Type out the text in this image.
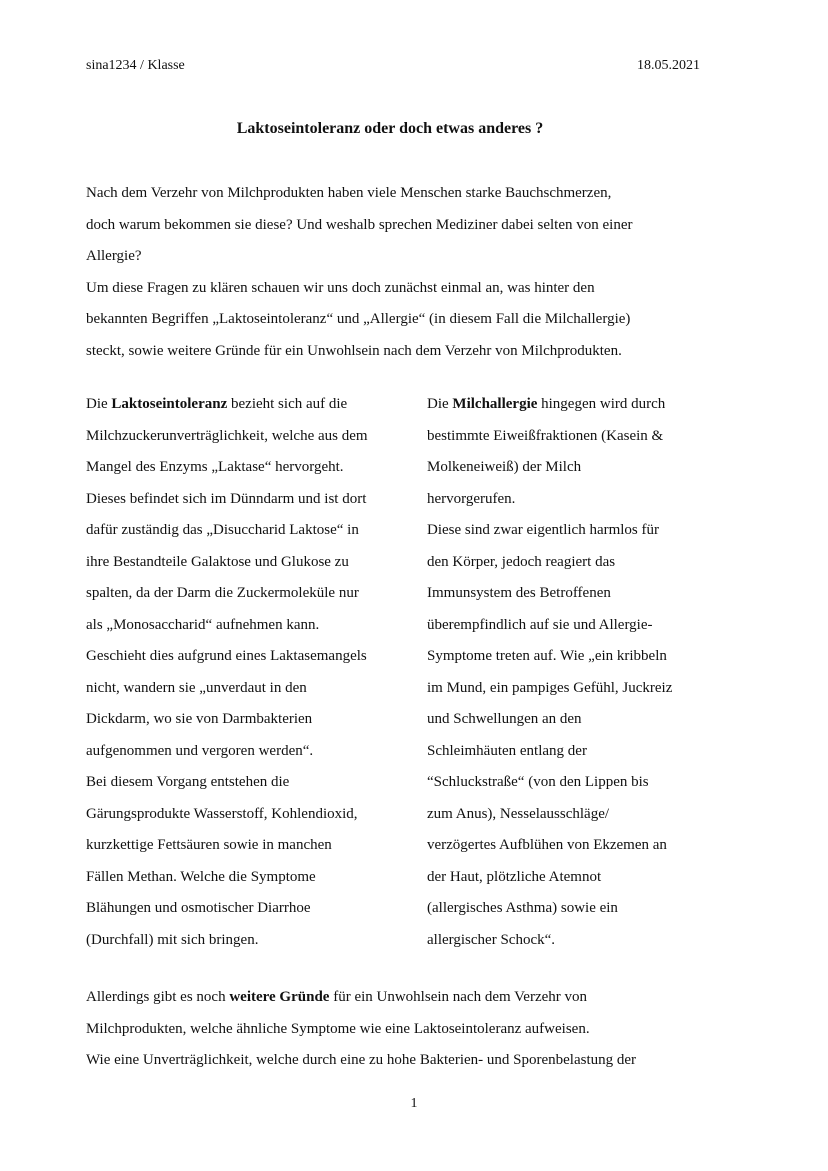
sina1234 / Klasse	18.05.2021
Laktoseintoleranz oder doch etwas anderes ?

Nach dem Verzehr von Milchprodukten haben viele Menschen starke Bauchschmerzen,

doch warum bekommen sie diese? Und weshalb sprechen Mediziner dabei selten von einer

Allergie?

Um diese Fragen zu klären schauen wir uns doch zunächst einmal an, was hinter den

bekannten Begriffen „Laktoseintoleranz“ und „Allergie“ (in diesem Fall die Milchallergie)

steckt, sowie weitere Gründe für ein Unwohlsein nach dem Verzehr von Milchprodukten.

Die Laktoseintoleranz bezieht sich auf die

Milchzuckerunverträglichkeit, welche aus dem

Mangel des Enzyms „Laktase“ hervorgeht.

Dieses befindet sich im Dünndarm und ist dort

dafür zuständig das „Disuccharid Laktose“ in

ihre Bestandteile Galaktose und Glukose zu

spalten, da der Darm die Zuckermoleküle nur

als „Monosaccharid“ aufnehmen kann.

Geschieht dies aufgrund eines Laktasemangels

nicht, wandern sie „unverdaut in den

Dickdarm, wo sie von Darmbakterien

aufgenommen und vergoren werden“.

Bei diesem Vorgang entstehen die

Gärungsprodukte Wasserstoff, Kohlendioxid,

kurzkettige Fettsäuren sowie in manchen

Fällen Methan. Welche die Symptome

Blähungen und osmotischer Diarrhoe

(Durchfall) mit sich bringen.

Die Milchallergie hingegen wird durch

bestimmte Eiweißfraktionen (Kasein &

Molkeneiweiß) der Milch

hervorgerufen.

Diese sind zwar eigentlich harmlos für

den Körper, jedoch reagiert das

Immunsystem des Betroffenen

überempfindlich auf sie und Allergie-

Symptome treten auf. Wie „ein kribbeln

im Mund, ein pampiges Gefühl, Juckreiz

und Schwellungen an den

Schleimhäuten entlang der

“Schluckstraße“ (von den Lippen bis

zum Anus), Nesselausschläge/

verzögertes Aufblühen von Ekzemen an

der Haut, plötzliche Atemnot

(allergisches Asthma) sowie ein

allergischer Schock“.

Allerdings gibt es noch weitere Gründe für ein Unwohlsein nach dem Verzehr von

Milchprodukten, welche ähnliche Symptome wie eine Laktoseintoleranz aufweisen.

Wie eine Unverträglichkeit, welche durch eine zu hohe Bakterien- und Sporenbelastung der

1
